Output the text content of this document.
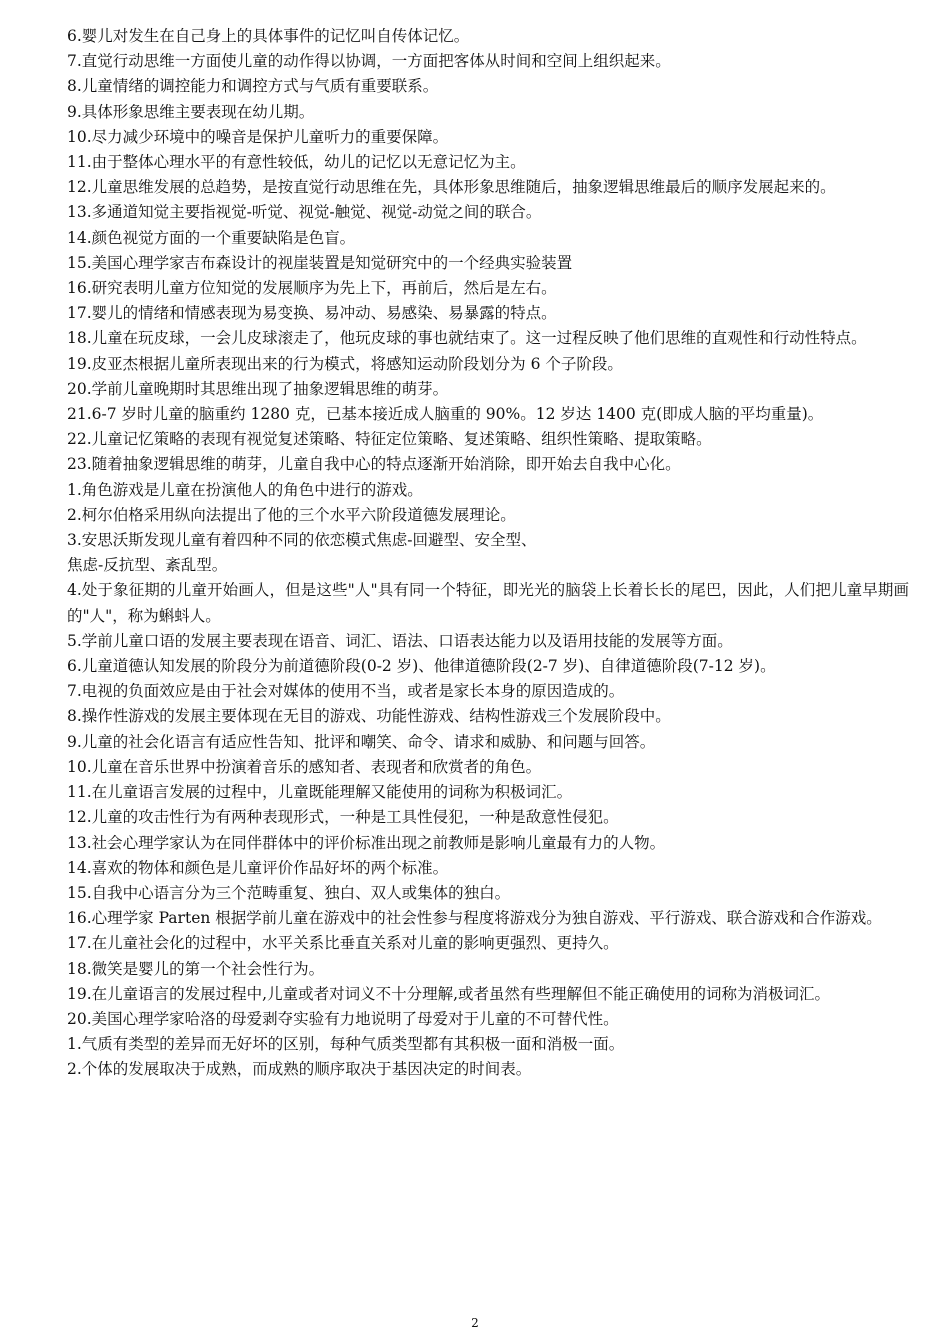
6.婴儿对发生在自己身上的具体事件的记忆叫自传体记忆。

7.直觉行动思维一方面使儿童的动作得以协调，一方面把客体从时间和空间上组织起来。

8.儿童情绪的调控能力和调控方式与气质有重要联系。

9.具体形象思维主要表现在幼儿期。

10.尽力减少环境中的噪音是保护儿童听力的重要保障。

11.由于整体心理水平的有意性较低，幼儿的记忆以无意记忆为主。

12.儿童思维发展的总趋势，是按直觉行动思维在先，具体形象思维随后，抽象逻辑思维最后的顺序发展起来的。

13.多通道知觉主要指视觉-听觉、视觉-触觉、视觉-动觉之间的联合。

14.颜色视觉方面的一个重要缺陷是色盲。

15.美国心理学家吉布森设计的视崖装置是知觉研究中的一个经典实验装置

16.研究表明儿童方位知觉的发展顺序为先上下，再前后，然后是左右。

17.婴儿的情绪和情感表现为易变换、易冲动、易感染、易暴露的特点。

18.儿童在玩皮球，一会儿皮球滚走了，他玩皮球的事也就结束了。这一过程反映了他们思维的直观性和行动性特点。

19.皮亚杰根据儿童所表现出来的行为模式，将感知运动阶段划分为 6 个子阶段。

20.学前儿童晚期时其思维出现了抽象逻辑思维的萌芽。

21.6-7 岁时儿童的脑重约 1280 克，已基本接近成人脑重的 90%。12 岁达 1400 克(即成人脑的平均重量)。

22.儿童记忆策略的表现有视觉复述策略、特征定位策略、复述策略、组织性策略、提取策略。

23.随着抽象逻辑思维的萌芽，儿童自我中心的特点逐渐开始消除，即开始去自我中心化。

1.角色游戏是儿童在扮演他人的角色中进行的游戏。

2.柯尔伯格采用纵向法提出了他的三个水平六阶段道德发展理论。

3.安思沃斯发现儿童有着四种不同的依恋模式焦虑-回避型、安全型、

焦虑-反抗型、紊乱型。

4.处于象征期的儿童开始画人，但是这些"人"具有同一个特征，即光光的脑袋上长着长长的尾巴，因此，人们把儿童早期画的"人"，称为蝌蚪人。

5.学前儿童口语的发展主要表现在语音、词汇、语法、口语表达能力以及语用技能的发展等方面。

6.儿童道德认知发展的阶段分为前道德阶段(0-2 岁)、他律道德阶段(2-7 岁)、自律道德阶段(7-12 岁)。

7.电视的负面效应是由于社会对媒体的使用不当，或者是家长本身的原因造成的。

8.操作性游戏的发展主要体现在无目的游戏、功能性游戏、结构性游戏三个发展阶段中。

9.儿童的社会化语言有适应性告知、批评和嘲笑、命令、请求和威胁、和问题与回答。

10.儿童在音乐世界中扮演着音乐的感知者、表现者和欣赏者的角色。

11.在儿童语言发展的过程中，儿童既能理解又能使用的词称为积极词汇。

12.儿童的攻击性行为有两种表现形式，一种是工具性侵犯，一种是敌意性侵犯。

13.社会心理学家认为在同伴群体中的评价标准出现之前教师是影响儿童最有力的人物。

14.喜欢的物体和颜色是儿童评价作品好坏的两个标准。

15.自我中心语言分为三个范畴重复、独白、双人或集体的独白。

16.心理学家 Parten 根据学前儿童在游戏中的社会性参与程度将游戏分为独自游戏、平行游戏、联合游戏和合作游戏。

17.在儿童社会化的过程中，水平关系比垂直关系对儿童的影响更强烈、更持久。

18.微笑是婴儿的第一个社会性行为。

19.在儿童语言的发展过程中,儿童或者对词义不十分理解,或者虽然有些理解但不能正确使用的词称为消极词汇。

20.美国心理学家哈洛的母爱剥夺实验有力地说明了母爱对于儿童的不可替代性。

1.气质有类型的差异而无好坏的区别，每种气质类型都有其积极一面和消极一面。

2.个体的发展取决于成熟，而成熟的顺序取决于基因决定的时间表。

2
